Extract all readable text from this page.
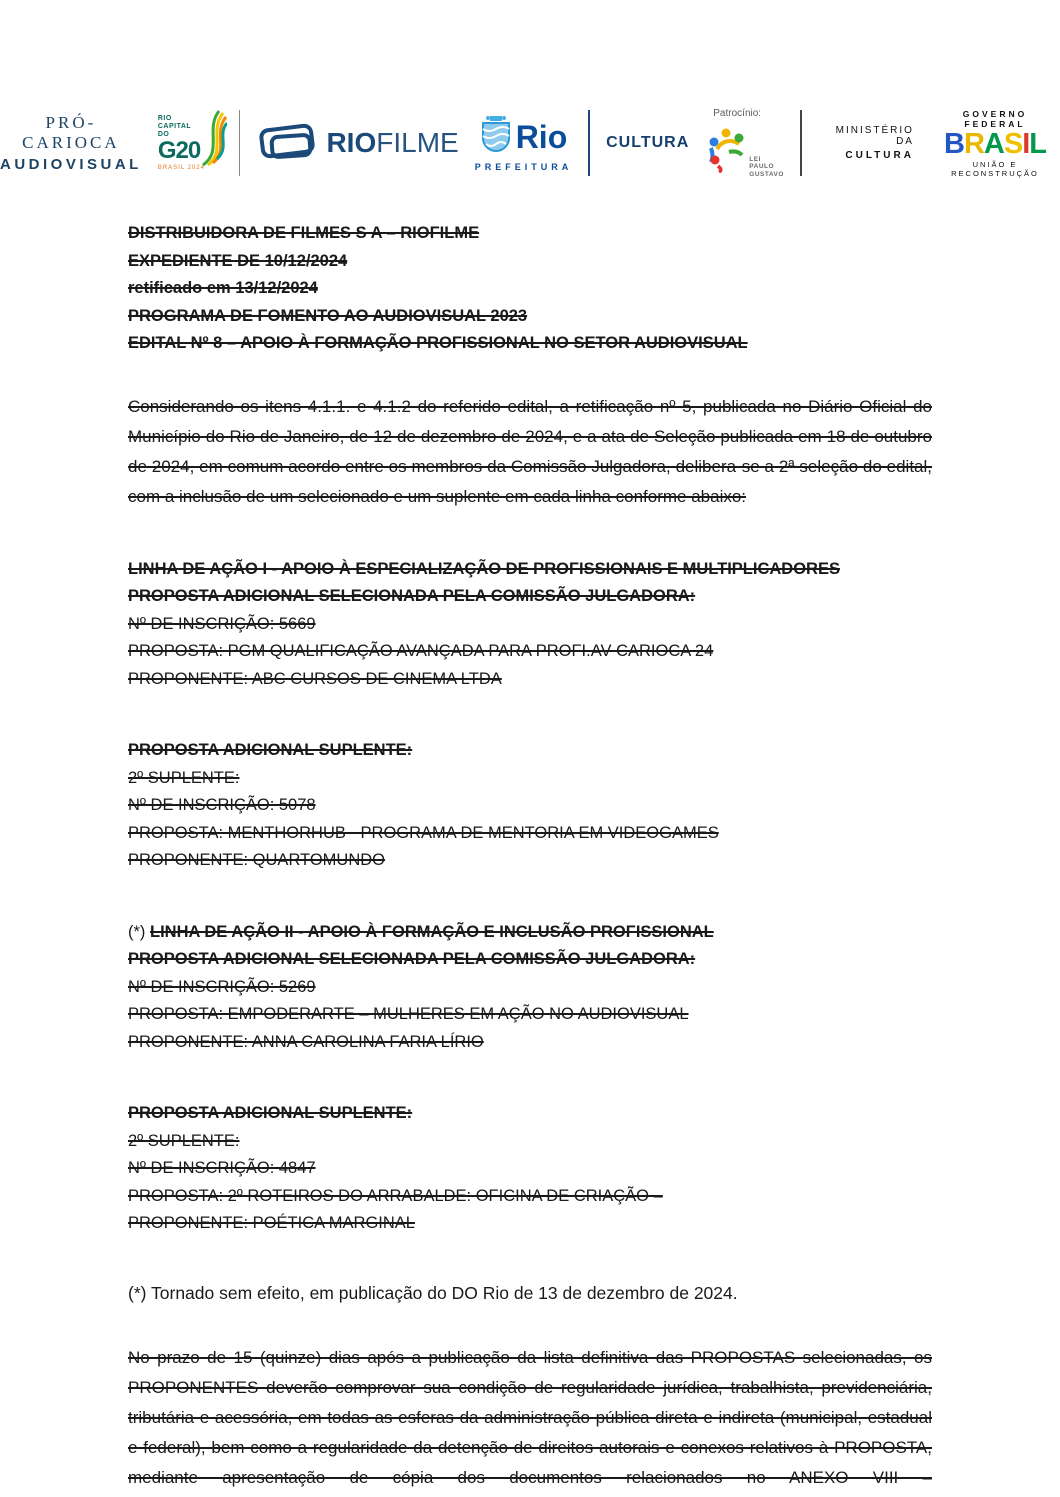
PRÓ-CARIOCA
AUDIOVISUAL
RIO
CAPITAL
DO
G20
BRASIL 2024
RIOFILME Rio
PREFEITURA
CULTURA
Patrocínio:
LEI
PAULO
GUSTAVO
MINISTÉRIO DA
CULTURA
GOVERNO FEDERAL
BRASIL
UNIÃO E RECONSTRUÇÃO

DISTRIBUIDORA DE FILMES S A – RIOFILME

EXPEDIENTE DE 10/12/2024

retificado em 13/12/2024

PROGRAMA DE FOMENTO AO AUDIOVISUAL 2023

EDITAL Nº 8 – APOIO À FORMAÇÃO PROFISSIONAL NO SETOR AUDIOVISUAL

Considerando os itens 4.1.1. e 4.1.2 do referido edital, a retificação nº 5, publicada no Diário Oficial do Município do Rio de Janeiro, de 12 de dezembro de 2024, e a ata de Seleção publicada em 18 de outubro de 2024, em comum acordo entre os membros da Comissão Julgadora, delibera-se a 2ª seleção do edital, com a inclusão de um selecionado e um suplente em cada linha conforme abaixo:

LINHA DE AÇÃO I - APOIO À ESPECIALIZAÇÃO DE PROFISSIONAIS E MULTIPLICADORES

PROPOSTA ADICIONAL SELECIONADA PELA COMISSÃO JULGADORA:

Nº DE INSCRIÇÃO: 5669

PROPOSTA: PGM QUALIFICAÇÃO AVANÇADA PARA PROFI.AV CARIOCA 24

PROPONENTE: ABC CURSOS DE CINEMA LTDA

PROPOSTA ADICIONAL SUPLENTE:

2º SUPLENTE:

Nº DE INSCRIÇÃO: 5078

PROPOSTA: MENTHORHUB - PROGRAMA DE MENTORIA EM VIDEOGAMES

PROPONENTE: QUARTOMUNDO

(*) LINHA DE AÇÃO II - APOIO À FORMAÇÃO E INCLUSÃO PROFISSIONAL

PROPOSTA ADICIONAL SELECIONADA PELA COMISSÃO JULGADORA:

Nº DE INSCRIÇÃO: 5269

PROPOSTA: EMPODERARTE – MULHERES EM AÇÃO NO AUDIOVISUAL

PROPONENTE: ANNA CAROLINA FARIA LÍRIO

PROPOSTA ADICIONAL SUPLENTE:

2º SUPLENTE:

Nº DE INSCRIÇÃO: 4847

PROPOSTA: 2º ROTEIROS DO ARRABALDE: OFICINA DE CRIAÇÃO –

PROPONENTE: POÉTICA MARGINAL

(*) Tornado sem efeito, em publicação do DO Rio de 13 de dezembro de 2024.

No prazo de 15 (quinze) dias após a publicação da lista definitiva das PROPOSTAS selecionadas, os PROPONENTES deverão comprovar sua condição de regularidade jurídica, trabalhista, previdenciária, tributária e acessória, em todas as esferas da administração pública direta e indireta (municipal, estadual e federal), bem como a regularidade da detenção de direitos autorais e conexos relativos à PROPOSTA, mediante apresentação de cópia dos documentos relacionados no ANEXO VIII –
